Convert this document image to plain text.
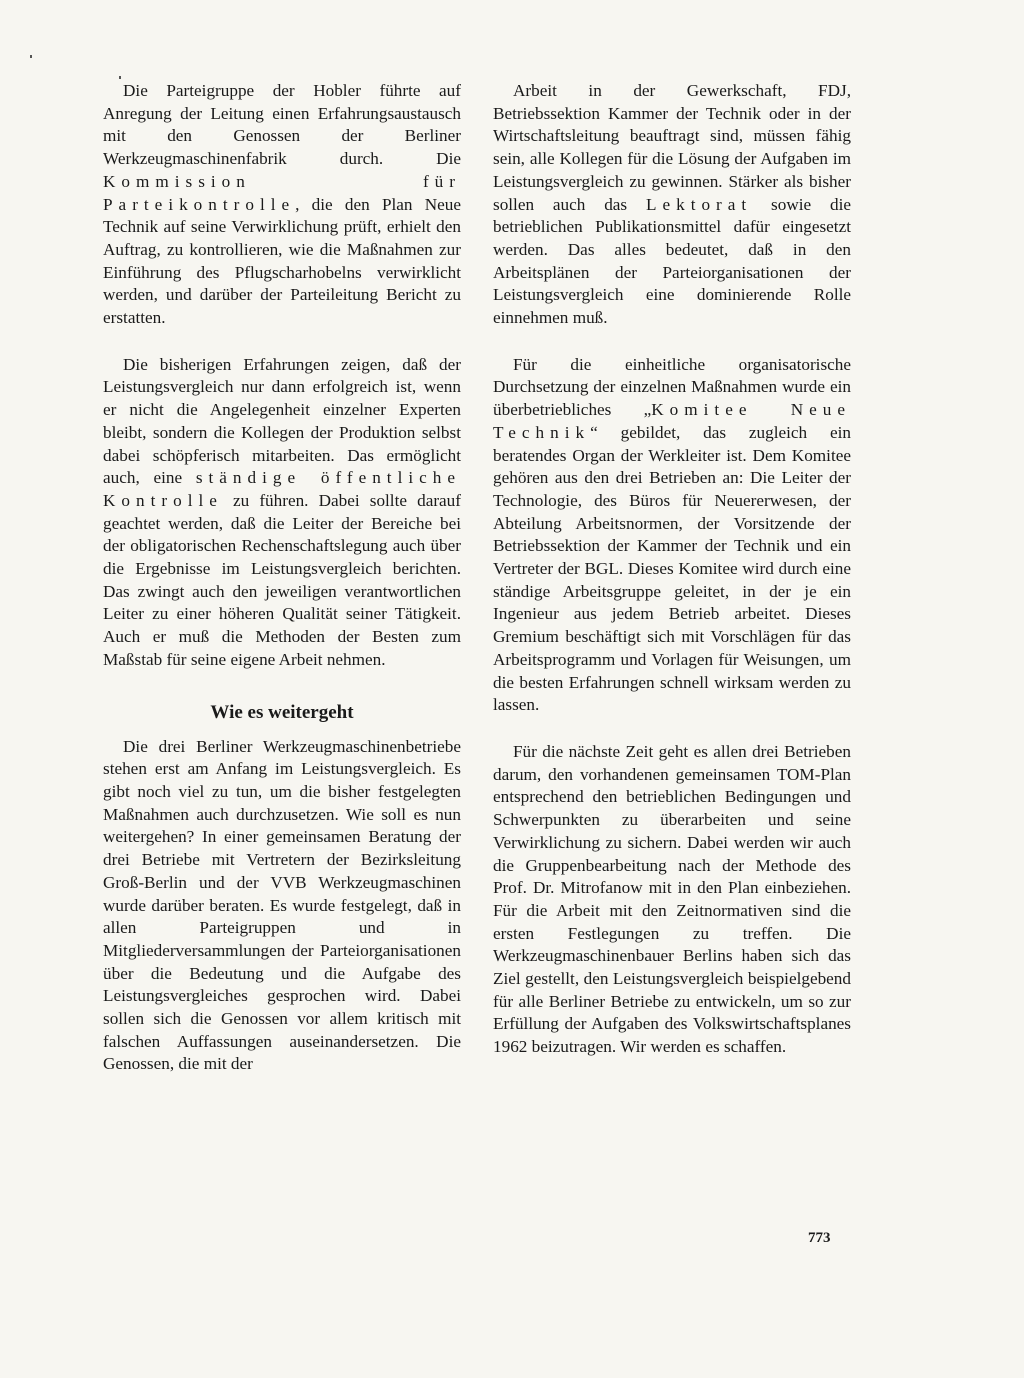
Die Parteigruppe der Hobler führte auf Anregung der Leitung einen Erfahrungsaustausch mit den Genossen der Berliner Werkzeugmaschinenfabrik durch. Die Kommission für Parteikontrolle, die den Plan Neue Technik auf seine Verwirklichung prüft, erhielt den Auftrag, zu kontrollieren, wie die Maßnahmen zur Einführung des Pflugscharhobelns verwirklicht werden, und darüber der Parteileitung Bericht zu erstatten.

Die bisherigen Erfahrungen zeigen, daß der Leistungsvergleich nur dann erfolgreich ist, wenn er nicht die Angelegenheit einzelner Experten bleibt, sondern die Kollegen der Produktion selbst dabei schöpferisch mitarbeiten. Das ermöglicht auch, eine ständige öffentliche Kontrolle zu führen. Dabei sollte darauf geachtet werden, daß die Leiter der Bereiche bei der obligatorischen Rechenschaftslegung auch über die Ergebnisse im Leistungsvergleich berichten. Das zwingt auch den jeweiligen verantwortlichen Leiter zu einer höheren Qualität seiner Tätigkeit. Auch er muß die Methoden der Besten zum Maßstab für seine eigene Arbeit nehmen.

Wie es weitergeht

Die drei Berliner Werkzeugmaschinenbetriebe stehen erst am Anfang im Leistungsvergleich. Es gibt noch viel zu tun, um die bisher festgelegten Maßnahmen auch durchzusetzen. Wie soll es nun weitergehen? In einer gemeinsamen Beratung der drei Betriebe mit Vertretern der Bezirksleitung Groß-Berlin und der VVB Werkzeugmaschinen wurde darüber beraten. Es wurde festgelegt, daß in allen Parteigruppen und in Mitgliederversammlungen der Parteiorganisationen über die Bedeutung und die Aufgabe des Leistungsvergleiches gesprochen wird. Dabei sollen sich die Genossen vor allem kritisch mit falschen Auffassungen auseinandersetzen. Die Genossen, die mit der

Arbeit in der Gewerkschaft, FDJ, Betriebssektion Kammer der Technik oder in der Wirtschaftsleitung beauftragt sind, müssen fähig sein, alle Kollegen für die Lösung der Aufgaben im Leistungsvergleich zu gewinnen. Stärker als bisher sollen auch das Lektorat sowie die betrieblichen Publikationsmittel dafür eingesetzt werden. Das alles bedeutet, daß in den Arbeitsplänen der Parteiorganisationen der Leistungsvergleich eine dominierende Rolle einnehmen muß.

Für die einheitliche organisatorische Durchsetzung der einzelnen Maßnahmen wurde ein überbetriebliches „Komitee Neue Technik“ gebildet, das zugleich ein beratendes Organ der Werkleiter ist. Dem Komitee gehören aus den drei Betrieben an: Die Leiter der Technologie, des Büros für Neuererwesen, der Abteilung Arbeitsnormen, der Vorsitzende der Betriebssektion der Kammer der Technik und ein Vertreter der BGL. Dieses Komitee wird durch eine ständige Arbeitsgruppe geleitet, in der je ein Ingenieur aus jedem Betrieb arbeitet. Dieses Gremium beschäftigt sich mit Vorschlägen für das Arbeitsprogramm und Vorlagen für Weisungen, um die besten Erfahrungen schnell wirksam werden zu lassen.

Für die nächste Zeit geht es allen drei Betrieben darum, den vorhandenen gemeinsamen TOM-Plan entsprechend den betrieblichen Bedingungen und Schwerpunkten zu überarbeiten und seine Verwirklichung zu sichern. Dabei werden wir auch die Gruppenbearbeitung nach der Methode des Prof. Dr. Mitrofanow mit in den Plan einbeziehen. Für die Arbeit mit den Zeitnormativen sind die ersten Festlegungen zu treffen. Die Werkzeugmaschinenbauer Berlins haben sich das Ziel gestellt, den Leistungsvergleich beispielgebend für alle Berliner Betriebe zu entwickeln, um so zur Erfüllung der Aufgaben des Volkswirtschaftsplanes 1962 beizutragen. Wir werden es schaffen.

773
